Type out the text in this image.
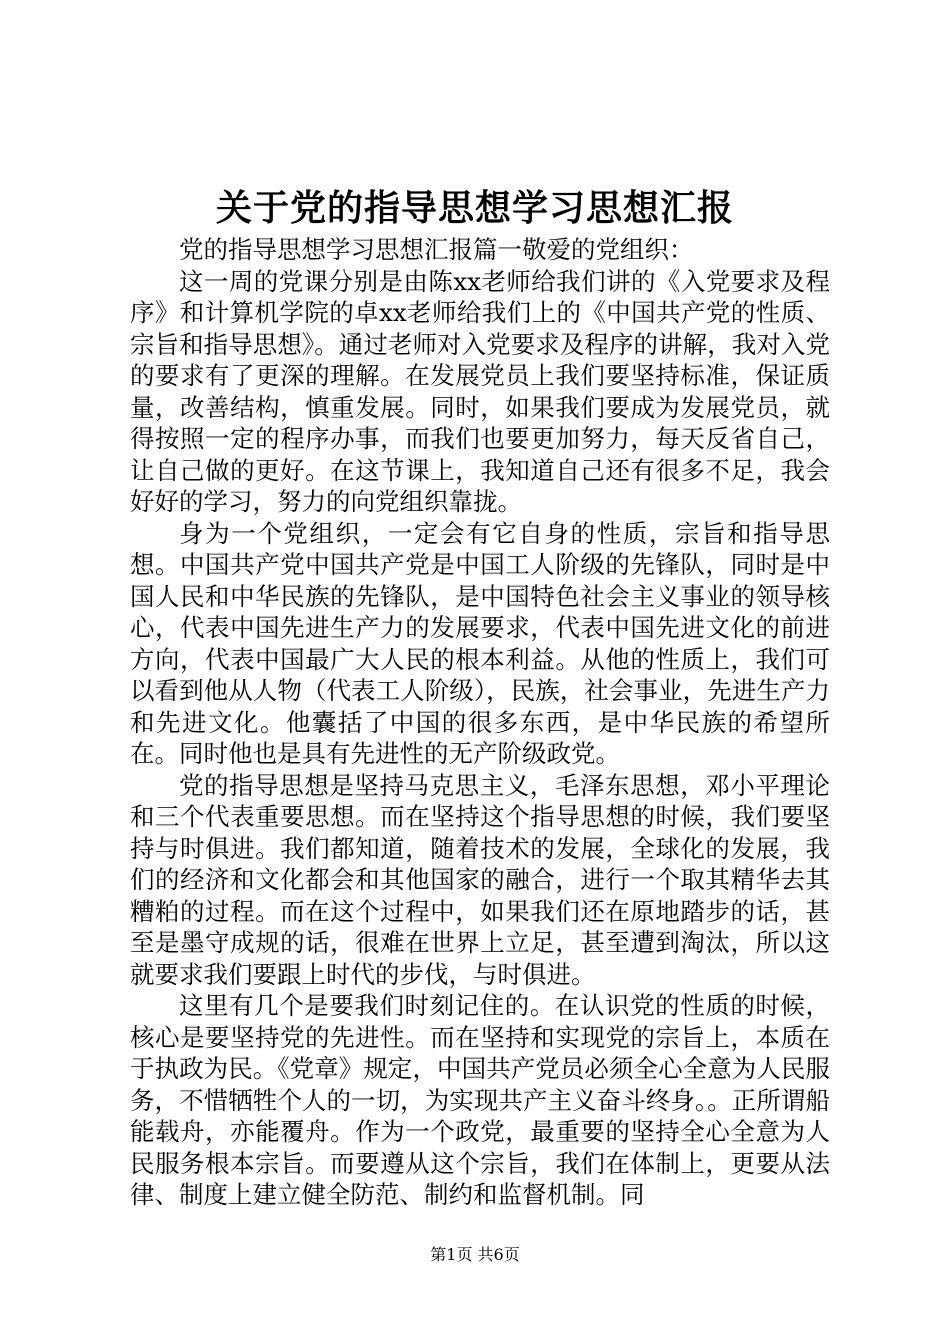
关于党的指导思想学习思想汇报

党的指导思想学习思想汇报篇一敬爱的党组织：

这一周的党课分别是由陈xx老师给我们讲的《入党要求及程序》和计算机学院的卓xx老师给我们上的《中国共产党的性质、宗旨和指导思想》。通过老师对入党要求及程序的讲解，我对入党的要求有了更深的理解。在发展党员上我们要坚持标准，保证质量，改善结构，慎重发展。同时，如果我们要成为发展党员，就得按照一定的程序办事，而我们也要更加努力，每天反省自己，让自己做的更好。在这节课上，我知道自己还有很多不足，我会好好的学习，努力的向党组织靠拢。

身为一个党组织，一定会有它自身的性质，宗旨和指导思想。中国共产党中国共产党是中国工人阶级的先锋队，同时是中国人民和中华民族的先锋队，是中国特色社会主义事业的领导核心，代表中国先进生产力的发展要求，代表中国先进文化的前进方向，代表中国最广大人民的根本利益。从他的性质上，我们可以看到他从人物（代表工人阶级），民族，社会事业，先进生产力和先进文化。他囊括了中国的很多东西，是中华民族的希望所在。同时他也是具有先进性的无产阶级政党。

党的指导思想是坚持马克思主义，毛泽东思想，邓小平理论和三个代表重要思想。而在坚持这个指导思想的时候，我们要坚持与时俱进。我们都知道，随着技术的发展，全球化的发展，我们的经济和文化都会和其他国家的融合，进行一个取其精华去其糟粕的过程。而在这个过程中，如果我们还在原地踏步的话，甚至是墨守成规的话，很难在世界上立足，甚至遭到淘汰，所以这就要求我们要跟上时代的步伐，与时俱进。

这里有几个是要我们时刻记住的。在认识党的性质的时候，核心是要坚持党的先进性。而在坚持和实现党的宗旨上，本质在于执政为民。《党章》规定，中国共产党员必须全心全意为人民服务，不惜牺牲个人的一切，为实现共产主义奋斗终身。。正所谓船能载舟，亦能覆舟。作为一个政党，最重要的坚持全心全意为人民服务根本宗旨。而要遵从这个宗旨，我们在体制上，更要从法律、制度上建立健全防范、制约和监督机制。同

第1页 共6页
